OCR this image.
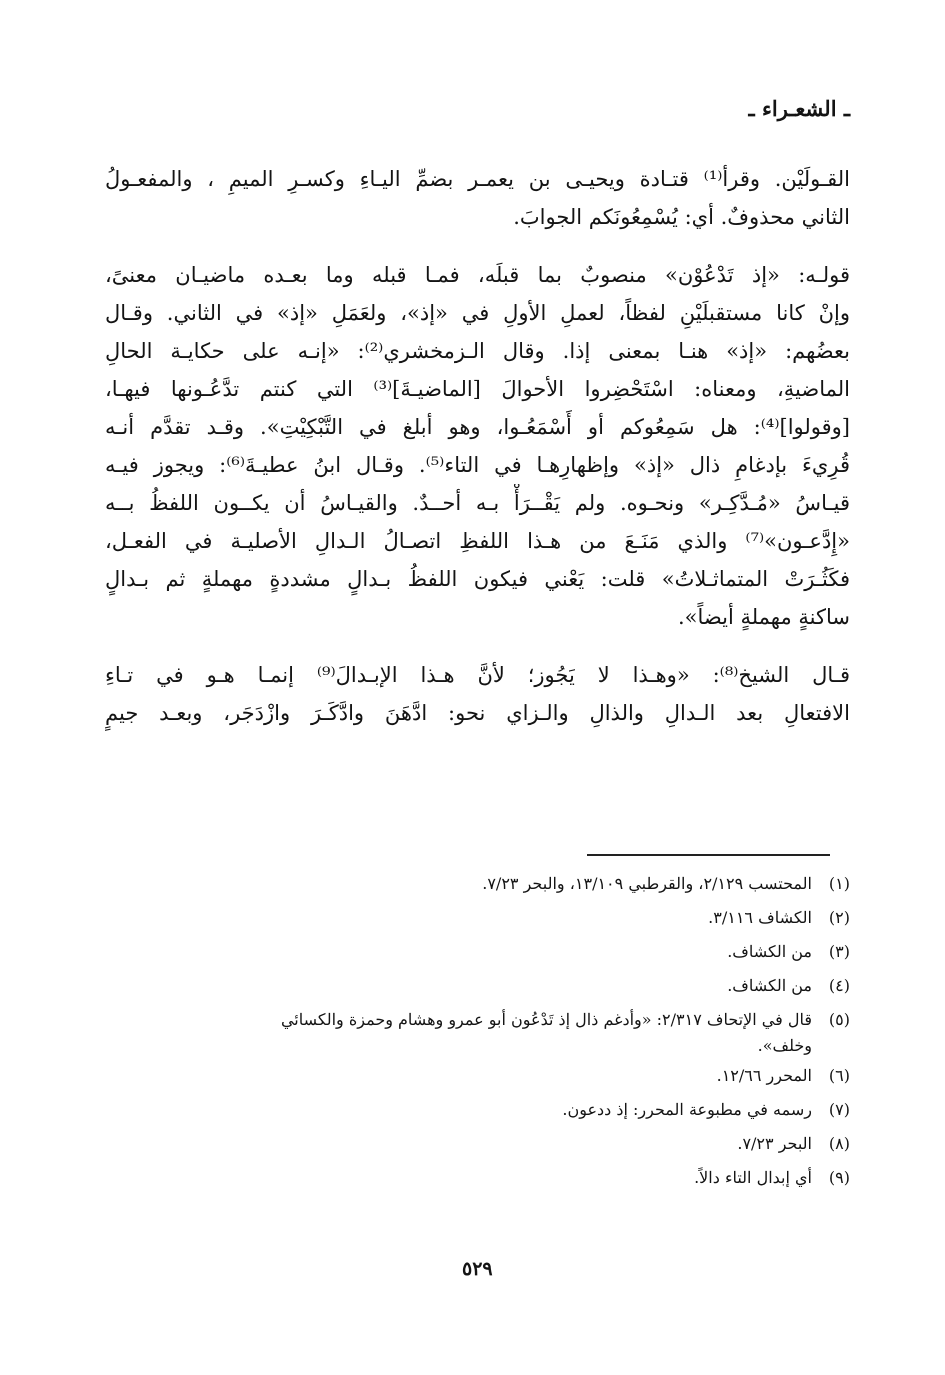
ـ الشعـراء ـ
القـولَيْن. وقرأ⁽¹⁾ قتـادة ويحيـى بن يعمـر بضمِّ اليـاءِ وكسـرِ الميمِ ، والمفعـولُ
الثاني محذوفٌ. أي: يُسْمِعُونَكم الجوابَ.
قولـه: «إذ تَدْعُوْن» منصوبٌ بما قبلَه، فمـا قبله وما بعـده ماضيـان معنىً،
وإنْ كانا مستقبلَيْنِ لفظاً، لعملِ الأولِ في «إذ»، ولعَمَلِ «إذ» في الثاني. وقـال
بعضُهم: «إذ» هنـا بمعنى إذا. وقال الـزمخشري⁽²⁾: «إنـه على حكايـة الحالِ
الماضيةِ، ومعناه: اسْتَحْضِروا الأحوالَ [الماضيـةَ]⁽³⁾ التي كنتم تدَّعُـونها فيهـا،
[وقولوا]⁽⁴⁾: هل سَمِعُوكم أو أَسْمَعُـوا، وهو أبلغ في التَّبْكِيْتِ». وقـد تقدَّم أنـه
قُرِيءَ بإدغامِ ذال «إذ» وإظهارِهـا في التاء⁽⁵⁾. وقـال ابنُ عطيـةَ⁽⁶⁾: ويجوز فيـه
قيـاسُ «مُـدَّكِـر» ونحـوه. ولم يَقْــرَأْ بـه أحــدٌ. والقيـاسُ أن يكــون اللفظُ بــه
«إِدَّعـون»⁽⁷⁾ والذي مَنَـعَ من هـذا اللفظِ اتصـالُ الـدالِ الأصليـة في الفعـل،
فكَثُـرَتْ المتماثـلاتُ» قلت: يَعْني فيكون اللفظُ بـدالٍ مشددةٍ مهملةٍ ثم بـدالٍ
ساكنةٍ مهملةٍ أيضاً».
قـال الشيخ⁽⁸⁾: «وهـذا لا يَجُوز؛ لأنَّ هـذا الإبـدالَ⁽⁹⁾ إنمـا هـو في تـاءِ
الافتعالِ بعد الـدالِ والذالِ والـزاي نحو: ادَّهَنَ وادَّكَـرَ وازْدَجَر، وبعـد جيمٍ
(١)
المحتسب ٢/١٢٩، والقرطبي ١٣/١٠٩، والبحر ٧/٢٣.
(٢)
الكشاف ٣/١١٦.
(٣)
من الكشاف.
(٤)
من الكشاف.
(٥)
قال في الإتحاف ٢/٣١٧: «وأدغم ذال إذ تَدْعُون أبو عمرو وهشام وحمزة والكسائي
وخلف».
(٦)
المحرر ١٢/٦٦.
(٧)
رسمه في مطبوعة المحرر: إذ ددعون.
(٨)
البحر ٧/٢٣.
(٩)
أي إبدال التاء دالاً.
٥٢٩
